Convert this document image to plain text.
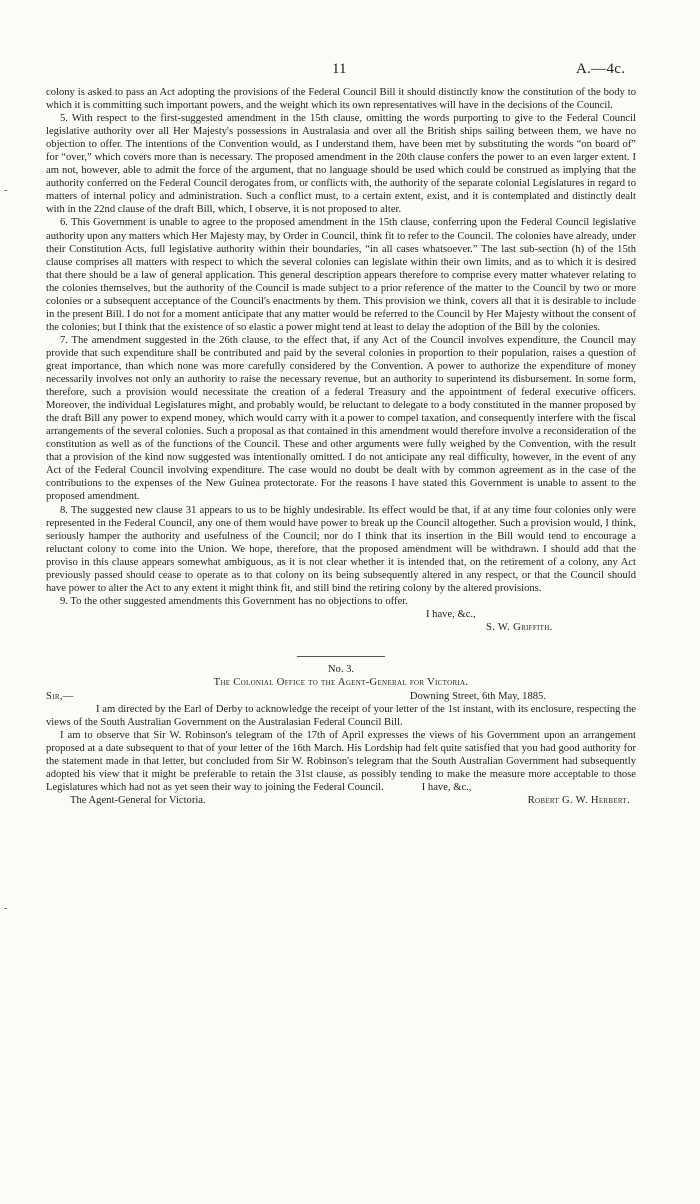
11	A.—4c.
-
-

colony is asked to pass an Act adopting the provisions of the Federal Council Bill it should distinctly know the constitution of the body to which it is committing such important powers, and the weight which its own representatives will have in the decisions of the Council.

5. With respect to the first-suggested amendment in the 15th clause, omitting the words purporting to give to the Federal Council legislative authority over all Her Majesty's possessions in Australasia and over all the British ships sailing between them, we have no objection to offer. The intentions of the Convention would, as I understand them, have been met by substituting the words “on board of” for “over,” which covers more than is necessary. The proposed amendment in the 20th clause confers the power to an even larger extent. I am not, however, able to admit the force of the argument, that no language should be used which could be construed as implying that the authority conferred on the Federal Council derogates from, or conflicts with, the authority of the separate colonial Legislatures in regard to matters of internal policy and administration. Such a conflict must, to a certain extent, exist, and it is contemplated and distinctly dealt with in the 22nd clause of the draft Bill, which, I observe, it is not proposed to alter.

6. This Government is unable to agree to the proposed amendment in the 15th clause, conferring upon the Federal Council legislative authority upon any matters which Her Majesty may, by Order in Council, think fit to refer to the Council. The colonies have already, under their Constitution Acts, full legislative authority within their boundaries, “in all cases whatsoever.” The last sub-section (h) of the 15th clause comprises all matters with respect to which the several colonies can legislate within their own limits, and as to which it is desired that there should be a law of general application. This general description appears therefore to comprise every matter whatever relating to the colonies themselves, but the authority of the Council is made subject to a prior reference of the matter to the Council by two or more colonies or a subsequent acceptance of the Council's enactments by them. This provision we think, covers all that it is desirable to include in the present Bill. I do not for a moment anticipate that any matter would be referred to the Council by Her Majesty without the consent of the colonies; but I think that the existence of so elastic a power might tend at least to delay the adoption of the Bill by the colonies.

7. The amendment suggested in the 26th clause, to the effect that, if any Act of the Council involves expenditure, the Council may provide that such expenditure shall be contributed and paid by the several colonies in proportion to their population, raises a question of great importance, than which none was more carefully considered by the Convention. A power to authorize the expenditure of money necessarily involves not only an authority to raise the necessary revenue, but an authority to superintend its disbursement. In some form, therefore, such a provision would necessitate the creation of a federal Treasury and the appointment of federal executive officers. Moreover, the individual Legislatures might, and probably would, be reluctant to delegate to a body constituted in the manner proposed by the draft Bill any power to expend money, which would carry with it a power to compel taxation, and consequently interfere with the fiscal arrangements of the several colonies. Such a proposal as that contained in this amendment would therefore involve a reconsideration of the constitution as well as of the functions of the Council. These and other arguments were fully weighed by the Convention, with the result that a provision of the kind now suggested was intentionally omitted. I do not anticipate any real difficulty, however, in the event of any Act of the Federal Council involving expenditure. The case would no doubt be dealt with by common agreement as in the case of the contributions to the expenses of the New Guinea protectorate. For the reasons I have stated this Government is unable to assent to the proposed amendment.

8. The suggested new clause 31 appears to us to be highly undesirable. Its effect would be that, if at any time four colonies only were represented in the Federal Council, any one of them would have power to break up the Council altogether. Such a provision would, I think, seriously hamper the authority and usefulness of the Council; nor do I think that its insertion in the Bill would tend to encourage a reluctant colony to come into the Union. We hope, therefore, that the proposed amendment will be withdrawn. I should add that the proviso in this clause appears somewhat ambiguous, as it is not clear whether it is intended that, on the retirement of a colony, any Act previously passed should cease to operate as to that colony on its being subsequently altered in any respect, or that the Council should have power to alter the Act to any extent it might think fit, and still bind the retiring colony by the altered provisions.

9. To the other suggested amendments this Government has no objections to offer.

I have, &c.,

S. W. Griffith.

No. 3.

The Colonial Office to the Agent-General for Victoria.

Sir,—	Downing Street, 6th May, 1885.

I am directed by the Earl of Derby to acknowledge the receipt of your letter of the 1st instant, with its enclosure, respecting the views of the South Australian Government on the Australasian Federal Council Bill.

I am to observe that Sir W. Robinson's telegram of the 17th of April expresses the views of his Government upon an arrangement proposed at a date subsequent to that of your letter of the 16th March. His Lordship had felt quite satisfied that you had good authority for the statement made in that letter, but concluded from Sir W. Robinson's telegram that the South Australian Government had subsequently adopted his view that it might be preferable to retain the 31st clause, as possibly tending to make the measure more acceptable to those Legislatures which had not as yet seen their way to joining the Federal Council.	I have, &c.,

The Agent-General for Victoria.	Robert G. W. Herbert.
